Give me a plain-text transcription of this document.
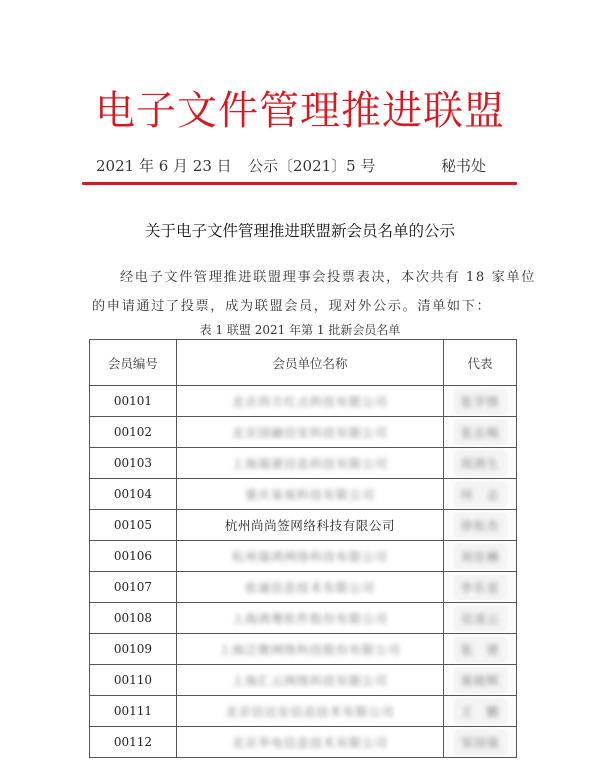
电子文件管理推进联盟
2021 年 6 月 23 日 公示〔2021〕5 号	秘书处
关于电子文件管理推进联盟新会员名单的公示
经电子文件管理推进联盟理事会投票表决，本次共有 18 家单位
的申请通过了投票，成为联盟会员，现对外公示。清单如下：
表 1 联盟 2021 年第 1 批新会员名单
会员编号	会员单位名称	代表
00101	北京西方红点科技有限公司	张学锋
00102	北京国融信安科技有限公司	张志梅
00103	上海瑞建信息科技有限公司	周鸿生
00104	重庆易视科技有限公司	何　志
00105	杭州尚尚签网络科技有限公司	徐衔杰
00106	杭州瑞鸿网络科技有限公司	刘佳楠
00107	依诚信息技术有限公司	李乐星
00108	上海鸿骞软件股份有限公司	吴凌云
00109	上海泛微网络科技股份有限公司	张　建
00110	上海汇云网络科技有限公司	秦晓辉
00111	北京信达安信息技术有限公司	王　鹏
00112	北京华电信息技术有限公司	邹国强
